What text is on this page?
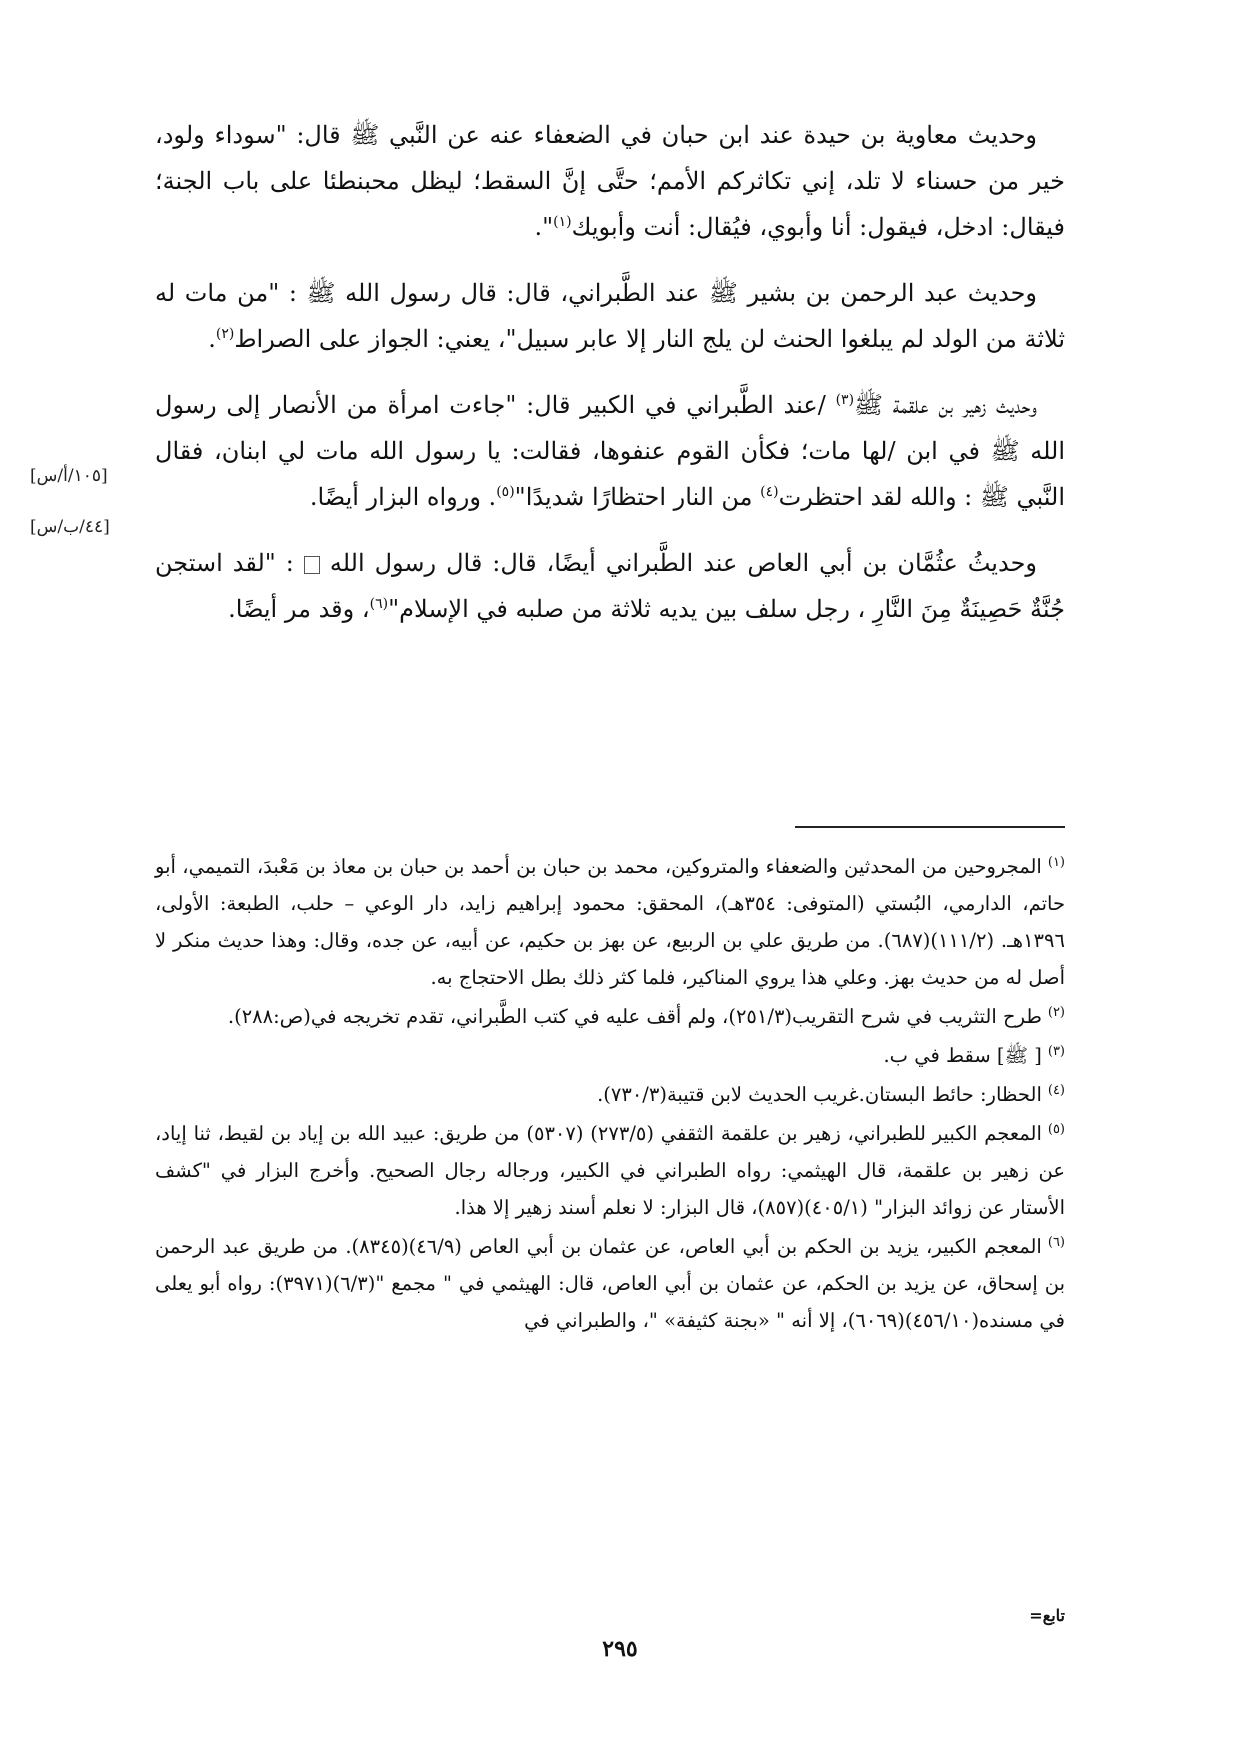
وحديث معاوية بن حيدة عند ابن حبان في الضعفاء عنه عن النَّبي ﷺ قال: "سوداء ولود، خير من حسناء لا تلد، إني تكاثركم الأمم؛ حتَّى إنَّ السقط؛ ليظل محبنطئا على باب الجنة؛ فيقال: ادخل، فيقول: أنا وأبوي، فيُقال: أنت وأبويك$^{(١)}$".

وحديث عبد الرحمن بن بشير ﷺ عند الطَّبراني، قال: قال رسول الله ﷺ : "من مات له ثلاثة من الولد لم يبلغوا الحنث لن يلج النار إلا عابر سبيل"، يعني: الجواز على الصراط$^{(٢)}$.

وحديث زهير بن علقمة ﷺ$^{(٣)}$ /عند الطَّبراني في الكبير قال: "جاءت امرأة من الأنصار إلى رسول الله ﷺ في ابن /لها مات؛ فكأن القوم عنفوها، فقالت: يا رسول الله مات لي ابنان، فقال النَّبي ﷺ : والله لقد احتظرت$^{(٤)}$ من النار احتظارًا شديدًا"$^{(٥)}$. ورواه البزار أيضًا.

وحديثُ عثُمَّان بن أبي العاص عند الطَّبراني أيضًا، قال: قال رسول الله  : "لقد استجن جُنَّةٌ حَصِينَةٌ مِنَ النَّارِ ، رجل سلف بين يديه ثلاثة من صلبه في الإسلام"$^{(٦)}$، وقد مر أيضًا.

[١٠٥/أ/س]
[٤٤/ب/س]

$^{(١)}$المجروحين من المحدثين والضعفاء والمتروكين، محمد بن حبان بن أحمد بن حبان بن معاذ بن مَعْبدَ، التميمي، أبو حاتم، الدارمي، البُستي (المتوفى: ٣٥٤هـ)، المحقق: محمود إبراهيم زايد، دار الوعي – حلب، الطبعة: الأولى، ١٣٩٦هـ. (١١١/٢)(٦٨٧). من طريق علي بن الربيع، عن بهز بن حكيم، عن أبيه، عن جده، وقال: وهذا حديث منكر لا أصل له من حديث بهز. وعلي هذا يروي المناكير، فلما كثر ذلك بطل الاحتجاج به.

$^{(٢)}$طرح التثريب في شرح التقريب(٢٥١/٣)، ولم أقف عليه في كتب الطَّبراني، تقدم تخريجه في(ص:٢٨٨).

$^{(٣)}$[ ﷺ] سقط في ب.

$^{(٤)}$الحظار: حائط البستان.غريب الحديث لابن قتيبة(٧٣٠/٣).

$^{(٥)}$المعجم الكبير للطبراني، زهير بن علقمة الثقفي (٢٧٣/٥) (٥٣٠٧) من طريق: عبيد الله بن إياد بن لقيط، ثنا إياد، عن زهير بن علقمة، قال الهيثمي: رواه الطبراني في الكبير، ورجاله رجال الصحيح. وأخرج البزار في "كشف الأستار عن زوائد البزار" (٤٠٥/١)(٨٥٧)، قال البزار: لا نعلم أسند زهير إلا هذا.

$^{(٦)}$المعجم الكبير، يزيد بن الحكم بن أبي العاص، عن عثمان بن أبي العاص (٤٦/٩)(٨٣٤٥). من طريق عبد الرحمن بن إسحاق، عن يزيد بن الحكم، عن عثمان بن أبي العاص، قال: الهيثمي في " مجمع "(٦/٣)(٣٩٧١): رواه أبو يعلى في مسنده(٤٥٦/١٠)(٦٠٦٩)، إلا أنه " «بجنة كثيفة» "، والطبراني في

تابع=
٢٩٥
